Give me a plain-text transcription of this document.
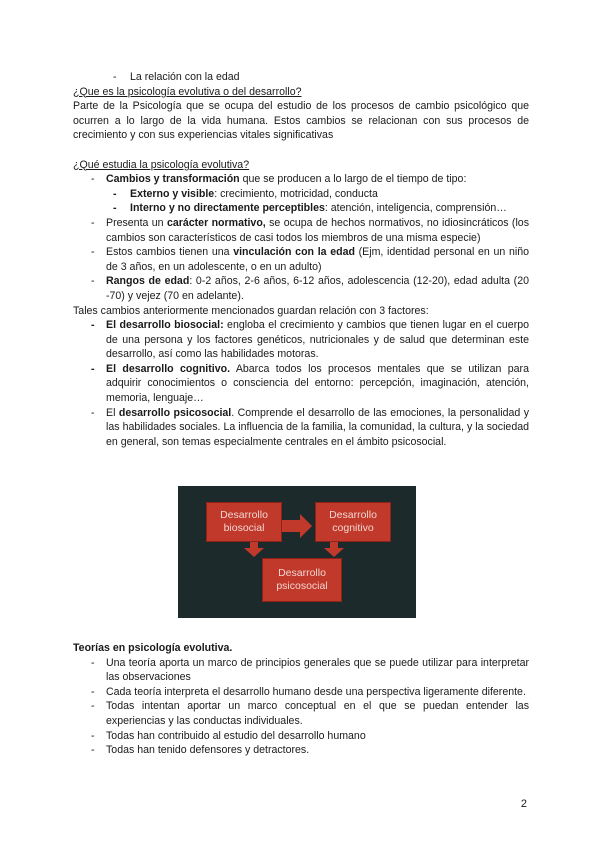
- La relación con la edad
¿Que es la psicología evolutiva o del desarrollo?
Parte de la Psicología que se ocupa del estudio de los procesos de cambio psicológico que ocurren a lo largo de la vida humana. Estos cambios se relacionan con sus procesos de crecimiento y con sus experiencias vitales significativas
¿Qué estudia la psicología evolutiva?
- Cambios y transformación que se producen a lo largo de el tiempo de tipo:
- Externo y visible: crecimiento, motricidad, conducta
- Interno y no directamente perceptibles: atención, inteligencia, comprensión…
- Presenta un carácter normativo, se ocupa de hechos normativos, no idiosincráticos (los cambios son característicos de casi todos los miembros de una misma especie)
- Estos cambios tienen una vinculación con la edad (Ejm, identidad personal en un niño de 3 años, en un adolescente, o en un adulto)
- Rangos de edad: 0-2 años, 2-6 años, 6-12 años, adolescencia (12-20), edad adulta (20 -70) y vejez (70 en adelante).
Tales cambios anteriormente mencionados guardan relación con 3 factores:
- El desarrollo biosocial: engloba el crecimiento y cambios que tienen lugar en el cuerpo de una persona y los factores genéticos, nutricionales y de salud que determinan este desarrollo, así como las habilidades motoras.
- El desarrollo cognitivo. Abarca todos los procesos mentales que se utilizan para adquirir conocimientos o consciencia del entorno: percepción, imaginación, atención, memoria, lenguaje…
- El desarrollo psicosocial. Comprende el desarrollo de las emociones, la personalidad y las habilidades sociales. La influencia de la familia, la comunidad, la cultura, y la sociedad en general, son temas especialmente centrales en el ámbito psicosocial.
Desarrollo biosocial
Desarrollo cognitivo
Desarrollo psicosocial
Teorías en psicología evolutiva.
- Una teoría aporta un marco de principios generales que se puede utilizar para interpretar las observaciones
- Cada teoría interpreta el desarrollo humano desde una perspectiva ligeramente diferente.
- Todas intentan aportar un marco conceptual en el que se puedan entender las experiencias y las conductas individuales.
- Todas han contribuido al estudio del desarrollo humano
- Todas han tenido defensores y detractores.
2
